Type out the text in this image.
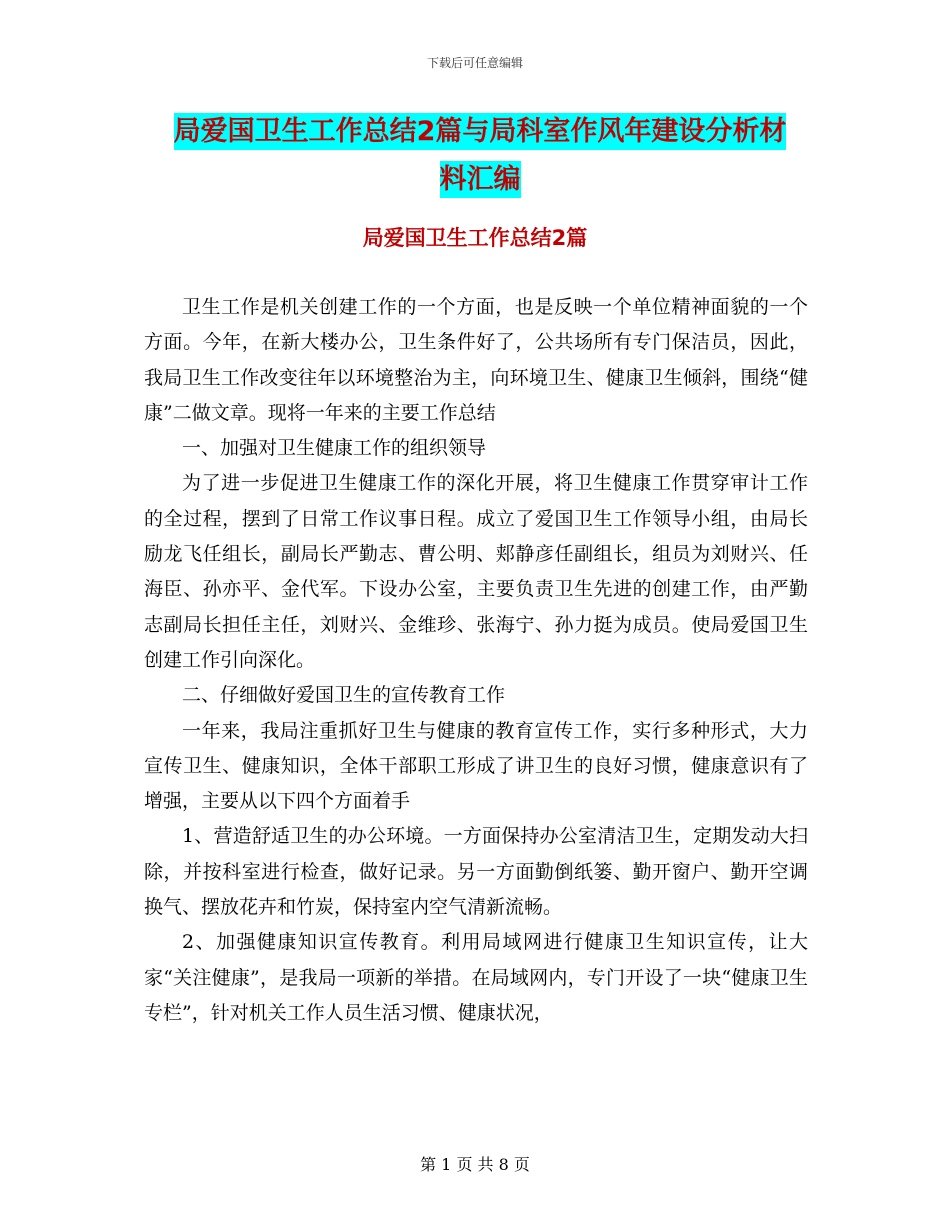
下载后可任意编辑
局爱国卫生工作总结2篇与局科室作风年建设分析材
料汇编
局爱国卫生工作总结2篇

卫生工作是机关创建工作的一个方面，也是反映一个单位精神面貌的一个方面。今年，在新大楼办公，卫生条件好了，公共场所有专门保洁员，因此，我局卫生工作改变往年以环境整治为主，向环境卫生、健康卫生倾斜，围绕“健康”二做文章。现将一年来的主要工作总结

一、加强对卫生健康工作的组织领导

为了进一步促进卫生健康工作的深化开展，将卫生健康工作贯穿审计工作的全过程，摆到了日常工作议事日程。成立了爱国卫生工作领导小组，由局长励龙飞任组长，副局长严勤志、曹公明、郏静彦任副组长，组员为刘财兴、任海臣、孙亦平、金代军。下设办公室，主要负责卫生先进的创建工作，由严勤志副局长担任主任，刘财兴、金维珍、张海宁、孙力挺为成员。使局爱国卫生创建工作引向深化。

二、仔细做好爱国卫生的宣传教育工作

一年来，我局注重抓好卫生与健康的教育宣传工作，实行多种形式，大力宣传卫生、健康知识，全体干部职工形成了讲卫生的良好习惯，健康意识有了增强，主要从以下四个方面着手

1、营造舒适卫生的办公环境。一方面保持办公室清洁卫生，定期发动大扫除，并按科室进行检查，做好记录。另一方面勤倒纸篓、勤开窗户、勤开空调换气、摆放花卉和竹炭，保持室内空气清新流畅。

2、加强健康知识宣传教育。利用局域网进行健康卫生知识宣传，让大家“关注健康”，是我局一项新的举措。在局域网内，专门开设了一块“健康卫生专栏”，针对机关工作人员生活习惯、健康状况，

第 1 页 共 8 页
